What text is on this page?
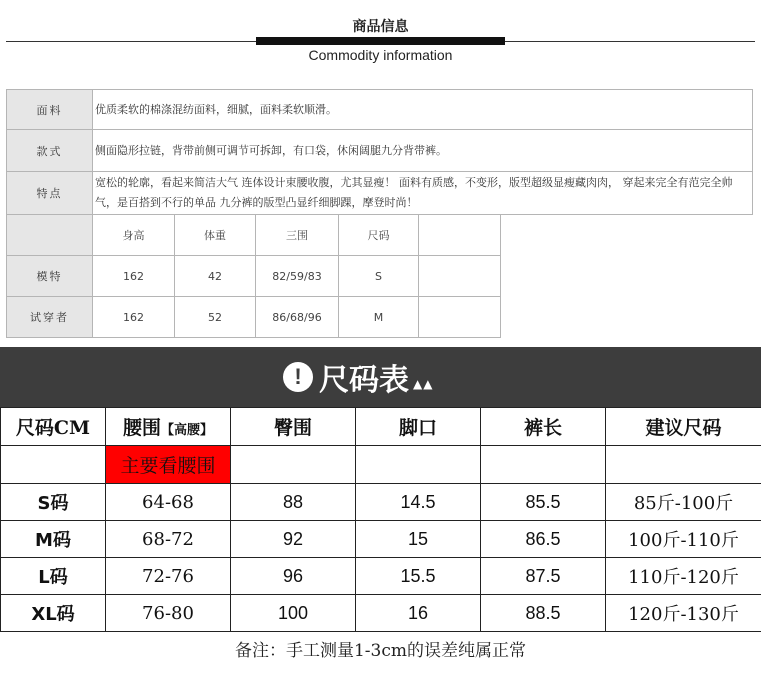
商品信息
Commodity information
面料	优质柔软的棉涤混纺面料，细腻，面料柔软顺滑。					
款式	侧面隐形拉链，背带前侧可调节可拆卸，有口袋，休闲阔腿九分背带裤。					
特点	宽松的轮廓，看起来简洁大气 连体设计束腰收腹，尤其显瘦！ 面料有质感，不变形，版型超级显瘦藏肉肉， 穿起来完全有范完全帅气，是百搭到不行的单品 九分裤的版型凸显纤细脚踝，摩登时尚！					
	身高	体重	三围	尺码		
模特	162	42	82/59/83	S		
试穿者	162	52	86/68/96	M		
! 尺码表 ▲▲
尺码CM	腰围【高腰】	臀围	脚口	裤长	建议尺码
	主要看腰围				
S码	64-68	88	14.5	85.5	85斤-100斤
M码	68-72	92	15	86.5	100斤-110斤
L码	72-76	96	15.5	87.5	110斤-120斤
XL码	76-80	100	16	88.5	120斤-130斤
备注：手工测量1-3cm的误差纯属正常
